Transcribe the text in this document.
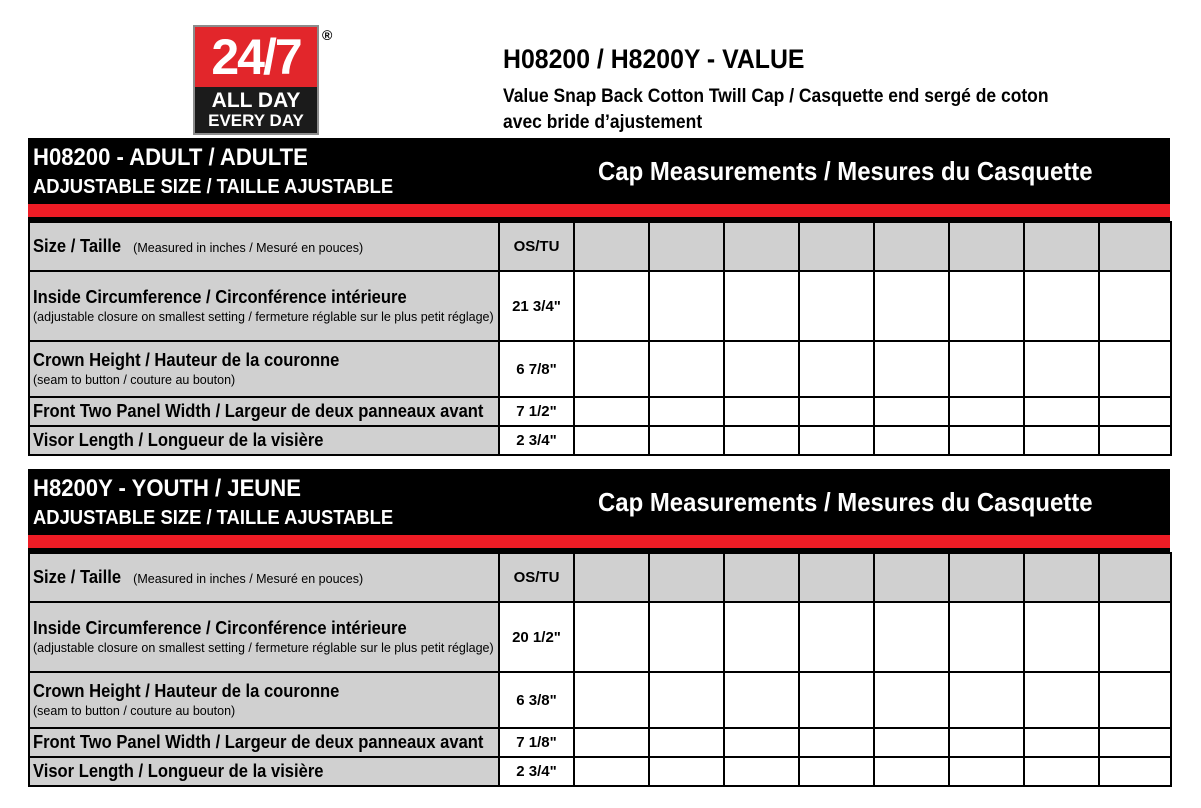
24/7
ALL DAY
EVERY DAY
®
H08200 / H8200Y - VALUE
Value Snap Back Cotton Twill Cap / Casquette end sergé de coton
avec bride d’ajustement
H08200 - ADULT / ADULTE
ADJUSTABLE SIZE / TAILLE AJUSTABLE
Cap Measurements / Mesures du Casquette
Size / Taille (Measured in inches / Mesuré en pouces)	OS/TU								
Inside Circumference / Circonférence intérieure
(adjustable closure on smallest setting / fermeture réglable sur le plus petit réglage)	21 3/4"								
Crown Height / Hauteur de la couronne
(seam to button / couture au bouton)	6 7/8"								
Front Two Panel Width / Largeur de deux panneaux avant	7 1/2"								
Visor Length / Longueur de la visière	2 3/4"								
H8200Y - YOUTH / JEUNE
ADJUSTABLE SIZE / TAILLE AJUSTABLE
Cap Measurements / Mesures du Casquette
Size / Taille (Measured in inches / Mesuré en pouces)	OS/TU								
Inside Circumference / Circonférence intérieure
(adjustable closure on smallest setting / fermeture réglable sur le plus petit réglage)	20 1/2"								
Crown Height / Hauteur de la couronne
(seam to button / couture au bouton)	6 3/8"								
Front Two Panel Width / Largeur de deux panneaux avant	7 1/8"								
Visor Length / Longueur de la visière	2 3/4"								
